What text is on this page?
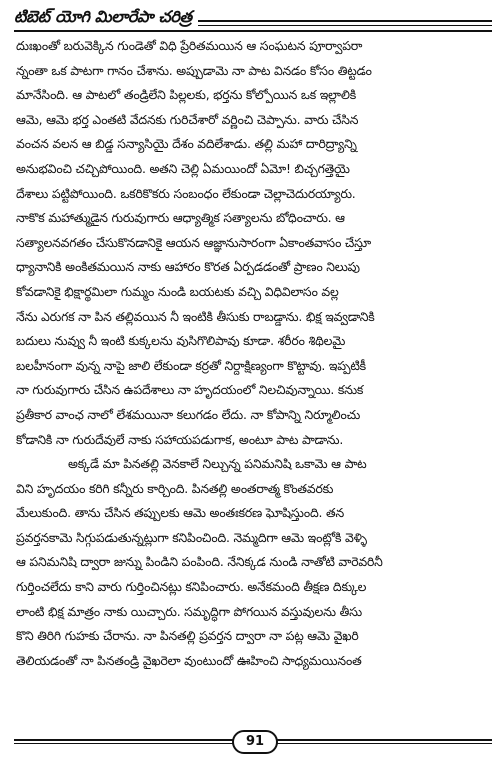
టిబెట్ యోగి మిలారేపా చరిత్ర

దుఃఖంతో బరువెక్కిన గుండెతో విధి ప్రేరితమయిన ఆ సంఘటన పూర్వాపరా
న్నంతా ఒక పాటగా గానం చేశాను. అప్పుడామె నా పాట వినడం కోసం తిట్టడం
మానేసింది. ఆ పాటలో తండ్రిలేని పిల్లలకు, భర్తను కోల్పోయిన ఒక ఇల్లాలికి
ఆమె, ఆమె భర్త ఎంతటి వేదనకు గురిచేశారో వర్ణించి చెప్పాను. వారు చేసిన
వంచన వలన ఆ బిడ్డ సన్యాసియై దేశం వదిలేశాడు. తల్లి మహా దారిద్ర్యాన్ని
అనుభవించి చచ్చిపోయింది. అతని చెల్లి ఏమయిందో ఏమో! బిచ్చగత్తెయై
దేశాలు పట్టిపోయింది. ఒకరికొకరు సంబంధం లేకుండా చెల్లాచెదురయ్యారు.
నాకొక మహాత్ముడైన గురువుగారు ఆధ్యాత్మిక సత్యాలను బోధించారు. ఆ
సత్యాలనవగతం చేసుకొనడానికై ఆయన ఆజ్ఞానుసారంగా ఏకాంతవాసం చేస్తూ
ధ్యానానికి అంకితమయిన నాకు ఆహారం కొరత ఏర్పడడంతో ప్రాణం నిలుపు
కోవడానికై భిక్షార్థమిలా గుమ్మం నుండి బయటకు వచ్చి విధివిలాసం వల్ల
నేను ఎరుగక నా పిన తల్లివయిన నీ ఇంటికి తీసుకు రాబడ్డాను. భిక్ష ఇవ్వడానికి
బదులు నువ్వు నీ ఇంటి కుక్కలను వుసిగొలిపావు కూడా. శరీరం శిథిలమై
బలహీనంగా వున్న నాపై జాలి లేకుండా కర్రతో నిర్దాక్షిణ్యంగా కొట్టావు. ఇప్పటికీ
నా గురువుగారు చేసిన ఉపదేశాలు నా హృదయంలో నిలచివున్నాయి. కనుక
ప్రతీకార వాంఛ నాలో లేశమయినా కలుగడం లేదు. నా కోపాన్ని నిర్మూలించు
కోడానికి నా గురుదేవులే నాకు సహాయపడుగాక, అంటూ పాట పాడాను.

అక్కడే మా పినతల్లి వెనకాలే నిల్చున్న పనిమనిషి ఒకామె ఆ పాట
విని హృదయం కరిగి కన్నీరు కార్చింది. పినతల్లి అంతరాత్మ కొంతవరకు
మేలుకుంది. తాను చేసిన తప్పులకు ఆమె అంతఃకరణ ఘోషిస్తుంది. తన
ప్రవర్తనకామె సిగ్గుపడుతున్నట్లుగా కనిపించింది. నెమ్మదిగా ఆమె ఇంట్లోకి వెళ్ళి
ఆ పనిమనిషి ద్వారా జున్ను పిండిని పంపింది. నేనిక్కడ నుండి నాతోటి వారెవరినీ
గుర్తించలేదు కాని వారు గుర్తించినట్లు కనిపించారు. అనేకమంది తీక్షణ దిక్కుల
లాంటి భిక్ష మాత్రం నాకు యిచ్చారు. సమృద్ధిగా పోగయిన వస్తువులను తీసు
కొని తిరిగి గుహకు చేరాను. నా పినతల్లి ప్రవర్తన ద్వారా నా పట్ల ఆమె వైఖరి
తెలియడంతో నా పినతండ్రి వైఖరెలా వుంటుందో ఊహించి సాధ్యమయినంత

91
